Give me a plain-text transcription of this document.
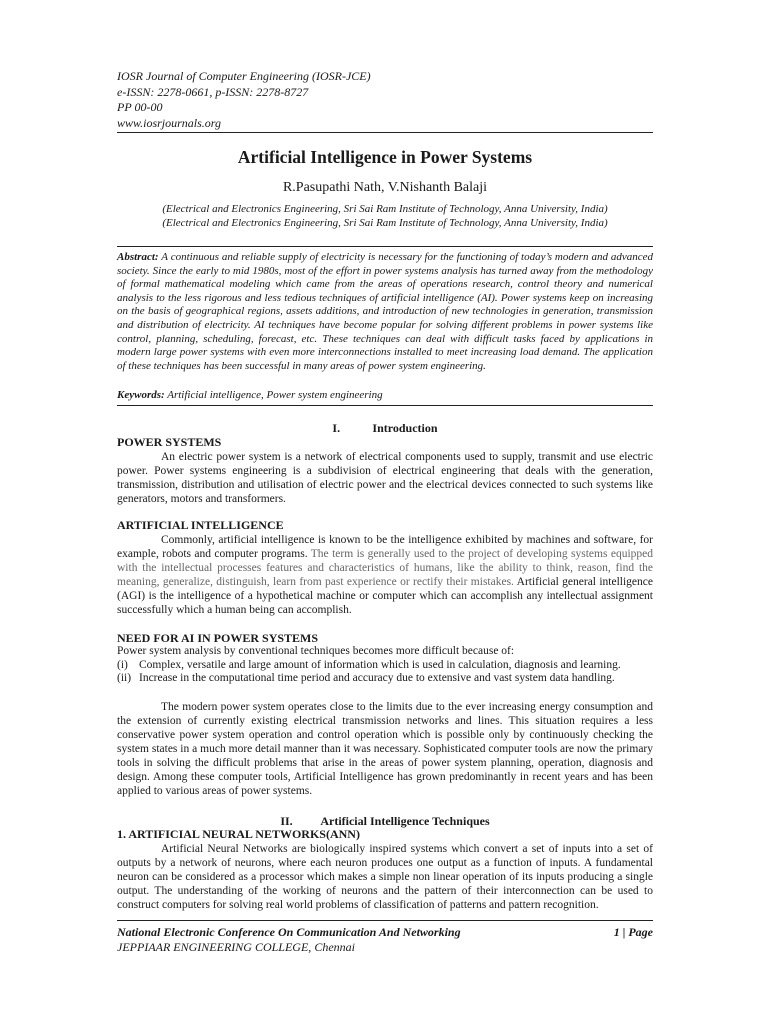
IOSR Journal of Computer Engineering (IOSR-JCE)
e-ISSN: 2278-0661, p-ISSN: 2278-8727
PP 00-00
www.iosrjournals.org
Artificial Intelligence in Power Systems
R.Pasupathi Nath, V.Nishanth Balaji
(Electrical and Electronics Engineering, Sri Sai Ram Institute of Technology, Anna University, India)
(Electrical and Electronics Engineering, Sri Sai Ram Institute of Technology, Anna University, India)
Abstract: A continuous and reliable supply of electricity is necessary for the functioning of today’s modern and advanced society. Since the early to mid 1980s, most of the effort in power systems analysis has turned away from the methodology of formal mathematical modeling which came from the areas of operations research, control theory and numerical analysis to the less rigorous and less tedious techniques of artificial intelligence (AI). Power systems keep on increasing on the basis of geographical regions, assets additions, and introduction of new technologies in generation, transmission and distribution of electricity. AI techniques have become popular for solving different problems in power systems like control, planning, scheduling, forecast, etc. These techniques can deal with difficult tasks faced by applications in modern large power systems with even more interconnections installed to meet increasing load demand. The application of these techniques has been successful in many areas of power system engineering.
Keywords: Artificial intelligence, Power system engineering
I.	Introduction
POWER SYSTEMS
An electric power system is a network of electrical components used to supply, transmit and use electric power. Power systems engineering is a subdivision of electrical engineering that deals with the generation, transmission, distribution and utilisation of electric power and the electrical devices connected to such systems like generators, motors and transformers.
ARTIFICIAL INTELLIGENCE
Commonly, artificial intelligence is known to be the intelligence exhibited by machines and software, for example, robots and computer programs. The term is generally used to the project of developing systems equipped with the intellectual processes features and characteristics of humans, like the ability to think, reason, find the meaning, generalize, distinguish, learn from past experience or rectify their mistakes. Artificial general intelligence (AGI) is the intelligence of a hypothetical machine or computer which can accomplish any intellectual assignment successfully which a human being can accomplish.
NEED FOR AI IN POWER SYSTEMS
Power system analysis by conventional techniques becomes more difficult because of:
(i) Complex, versatile and large amount of information which is used in calculation, diagnosis and learning.
(ii) Increase in the computational time period and accuracy due to extensive and vast system data handling.
The modern power system operates close to the limits due to the ever increasing energy consumption and the extension of currently existing electrical transmission networks and lines. This situation requires a less conservative power system operation and control operation which is possible only by continuously checking the system states in a much more detail manner than it was necessary. Sophisticated computer tools are now the primary tools in solving the difficult problems that arise in the areas of power system planning, operation, diagnosis and design. Among these computer tools, Artificial Intelligence has grown predominantly in recent years and has been applied to various areas of power systems.
II. Artificial Intelligence Techniques
1. ARTIFICIAL NEURAL NETWORKS(ANN)
Artificial Neural Networks are biologically inspired systems which convert a set of inputs into a set of outputs by a network of neurons, where each neuron produces one output as a function of inputs. A fundamental neuron can be considered as a processor which makes a simple non linear operation of its inputs producing a single output. The understanding of the working of neurons and the pattern of their interconnection can be used to construct computers for solving real world problems of classification of patterns and pattern recognition.
National Electronic Conference On Communication And Networking
JEPPIAAR ENGINEERING COLLEGE, Chennai
1 | Page
